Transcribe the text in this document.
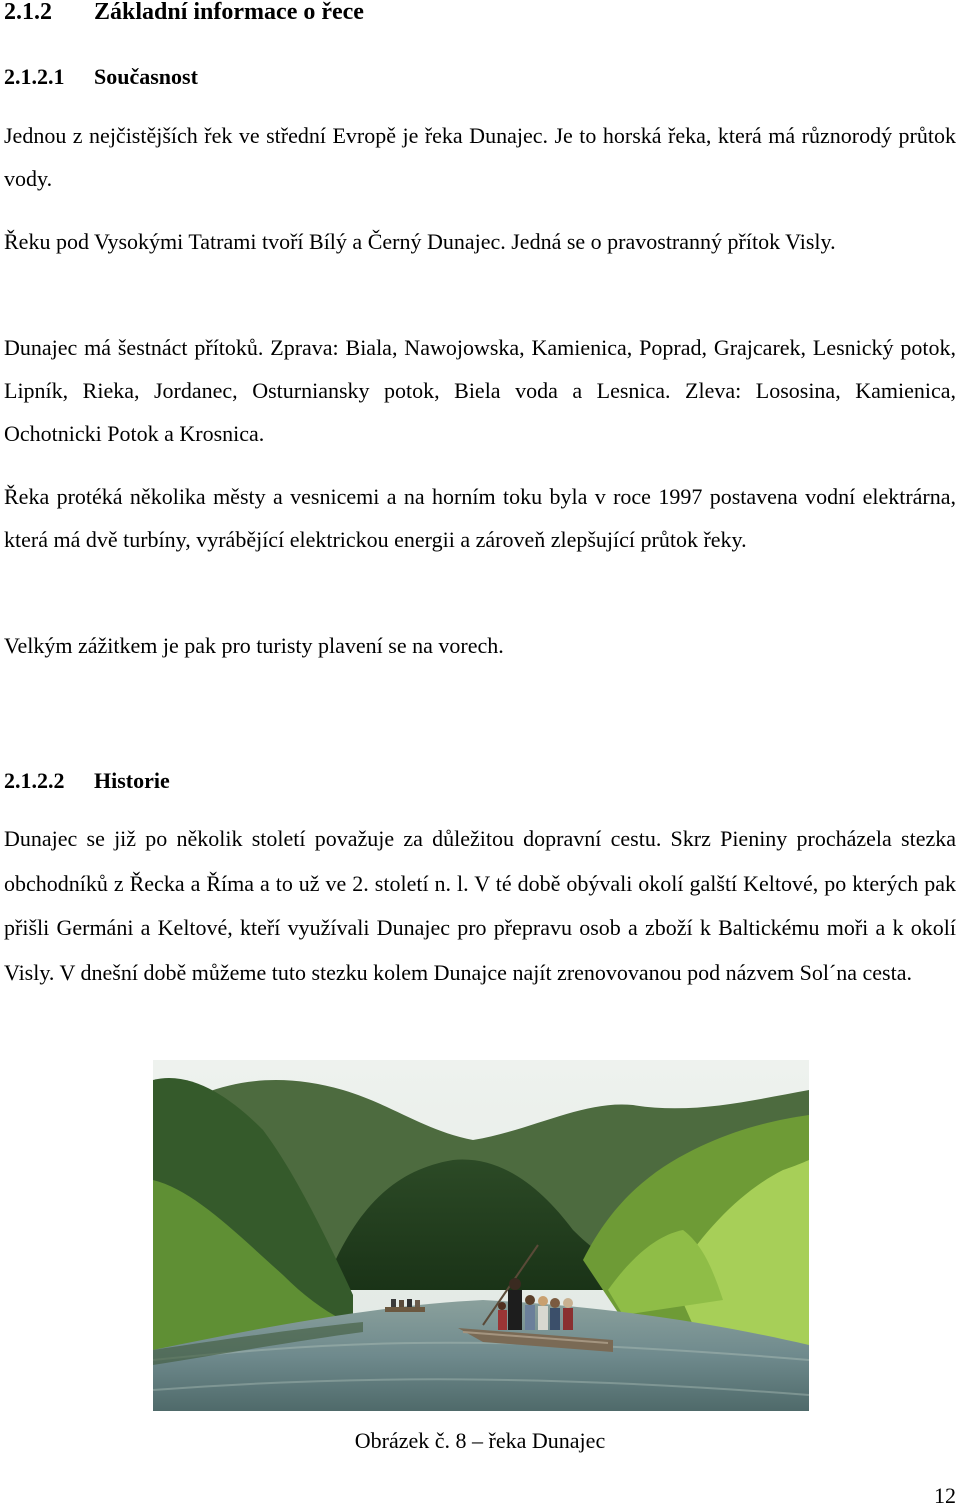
2.1.2 Základní informace o řece
2.1.2.1 Současnost

Jednou z nejčistějších řek ve střední Evropě je řeka Dunajec. Je to horská řeka, která má různorodý průtok vody.

Řeku pod Vysokými Tatrami tvoří Bílý a Černý Dunajec. Jedná se o pravostranný přítok Visly.

Dunajec má šestnáct přítoků. Zprava: Biala, Nawojowska, Kamienica, Poprad, Grajcarek, Lesnický potok, Lipník, Rieka, Jordanec, Osturniansky potok, Biela voda a Lesnica. Zleva: Lososina, Kamienica, Ochotnicki Potok a Krosnica.

Řeka protéká několika městy a vesnicemi a na horním toku byla v roce 1997 postavena vodní elektrárna, která má dvě turbíny, vyrábějící elektrickou energii a zároveň zlepšující průtok řeky.

Velkým zážitkem je pak pro turisty plavení se na vorech.

2.1.2.2 Historie

Dunajec se již po několik století považuje za důležitou dopravní cestu. Skrz Pieniny procházela stezka obchodníků z Řecka a Říma a to už ve 2. století n. l. V té době obývali okolí galští Keltové, po kterých pak přišli Germáni a Keltové, kteří využívali Dunajec pro přepravu osob a zboží k Baltickému moři a k okolí Visly. V dnešní době můžeme tuto stezku kolem Dunajce najít zrenovovanou pod názvem Sol´na cesta.

Obrázek č. 8 – řeka Dunajec
12
